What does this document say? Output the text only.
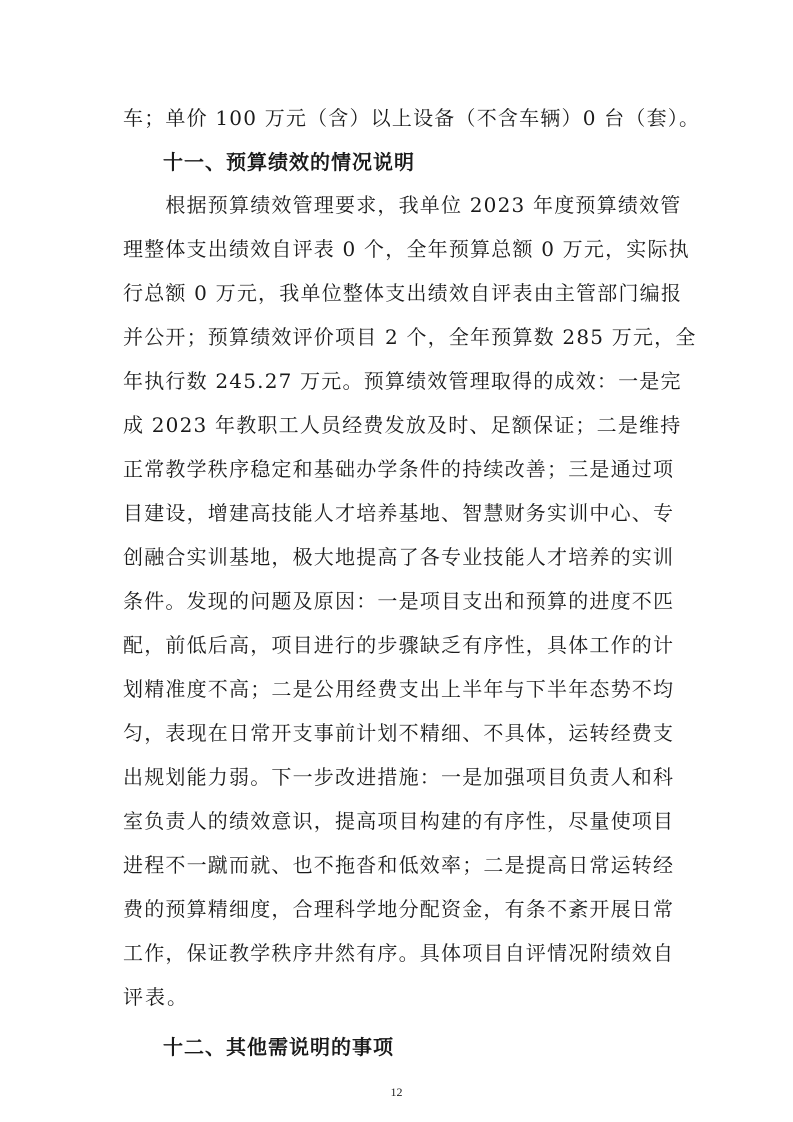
车；单价 100 万元（含）以上设备（不含车辆）0 台（套）。
十一、预算绩效的情况说明
　　根据预算绩效管理要求，我单位 2023 年度预算绩效管
理整体支出绩效自评表 0 个，全年预算总额 0 万元，实际执
行总额 0 万元，我单位整体支出绩效自评表由主管部门编报
并公开；预算绩效评价项目 2 个，全年预算数 285 万元，全
年执行数 245.27 万元。预算绩效管理取得的成效：一是完
成 2023 年教职工人员经费发放及时、足额保证；二是维持
正常教学秩序稳定和基础办学条件的持续改善；三是通过项
目建设，增建高技能人才培养基地、智慧财务实训中心、专
创融合实训基地，极大地提高了各专业技能人才培养的实训
条件。发现的问题及原因：一是项目支出和预算的进度不匹
配，前低后高，项目进行的步骤缺乏有序性，具体工作的计
划精准度不高；二是公用经费支出上半年与下半年态势不均
匀，表现在日常开支事前计划不精细、不具体，运转经费支
出规划能力弱。下一步改进措施：一是加强项目负责人和科
室负责人的绩效意识，提高项目构建的有序性，尽量使项目
进程不一蹴而就、也不拖沓和低效率；二是提高日常运转经
费的预算精细度，合理科学地分配资金，有条不紊开展日常
工作，保证教学秩序井然有序。具体项目自评情况附绩效自
评表。
十二、其他需说明的事项
12
